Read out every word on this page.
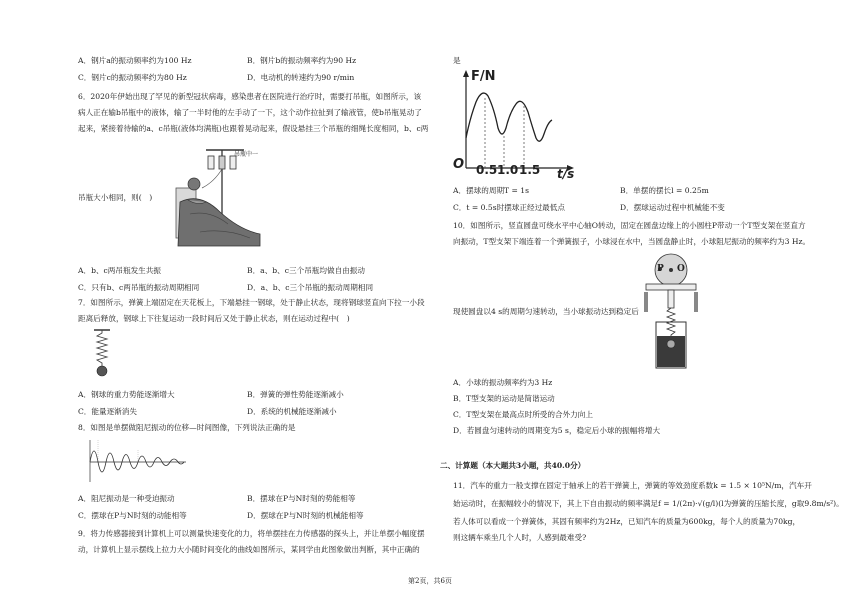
A．钢片a的振动频率约为100 Hz	B．钢片b的振动频率约为90 Hz
C．钢片c的振动频率约为80 Hz	D．电动机的转速约为90 r/min
6．2020年伊始出现了罕见的新型冠状病毒，感染患者在医院进行治疗时，需要打吊瓶，如图所示，该
病人正在输b吊瓶中的液体，输了一半时他的左手动了一下，这个动作拉扯到了输液管，使b吊瓶晃动了
起来，紧接着待输的a、c吊瓶(液体均满瓶)也跟着晃动起来，假设悬挂三个吊瓶的细绳长度相同，b、c两
吊瓶中一
吊瓶大小相同，则(　)
A．b、c两吊瓶发生共振	B．a、b、c三个吊瓶均做自由振动
C．只有b、c两吊瓶的振动周期相同	D．a、b、c三个吊瓶的振动周期相同
7．如图所示，弹簧上端固定在天花板上，下端悬挂一钢球，处于静止状态，现将钢球竖直向下拉一小段
距离后释放，钢球上下往复运动一段时间后又处于静止状态，则在运动过程中(　)
A．钢球的重力势能逐渐增大	B．弹簧的弹性势能逐渐减小
C．能量逐渐消失	D．系统的机械能逐渐减小
8．如图是单摆做阻尼振动的位移—时间图像，下列说法正确的是
A．阻尼振动是一种受迫振动	B．摆球在P与N时刻的势能相等
C．摆球在P与N时刻的动能相等	D．摆球在P与N时刻的机械能相等
9．将力传感器接到计算机上可以测量快速变化的力，将单摆挂在力传感器的探头上，并让单摆小幅度摆
动，计算机上显示摆线上拉力大小随时间变化的曲线如图所示，某同学由此图象做出判断，其中正确的
是
F/N
O 0.5 1.0 1.5 t/s
A．摆球的周期T = 1s	B．单摆的摆长l = 0.25m
C．t = 0.5s时摆球正经过最低点	D．摆球运动过程中机械能不变
10．如图所示，竖直圆盘可绕水平中心轴O转动，固定在圆盘边缘上的小圆柱P带动一个T型支架在竖直方
向振动，T型支架下端连着一个弹簧振子，小球浸在水中，当圆盘静止时，小球阻尼振动的频率约为3 Hz。
P O
现使圆盘以4 s的周期匀速转动，当小球振动达到稳定后
A．小球的振动频率约为3 Hz
B．T型支架的运动是简谐运动
C．T型支架在最高点时所受的合外力向上
D．若圆盘匀速转动的周期变为5 s，稳定后小球的振幅将增大
二、计算题（本大题共3小题，共40.0分）
11．汽车的重力一般支撑在固定于轴承上的若干弹簧上，弹簧的等效劲度系数k = 1.5 × 10⁵N/m，汽车开
始运动时，在振幅较小的情况下，其上下自由振动的频率满足f = 1/(2π)·√(g/l)(l为弹簧的压缩长度，g取9.8m/s²)。
若人体可以看成一个弹簧体，其固有频率约为2Hz，已知汽车的质量为600kg，每个人的质量为70kg，
则这辆车乘坐几个人时，人感到最难受?
第2页，共6页
